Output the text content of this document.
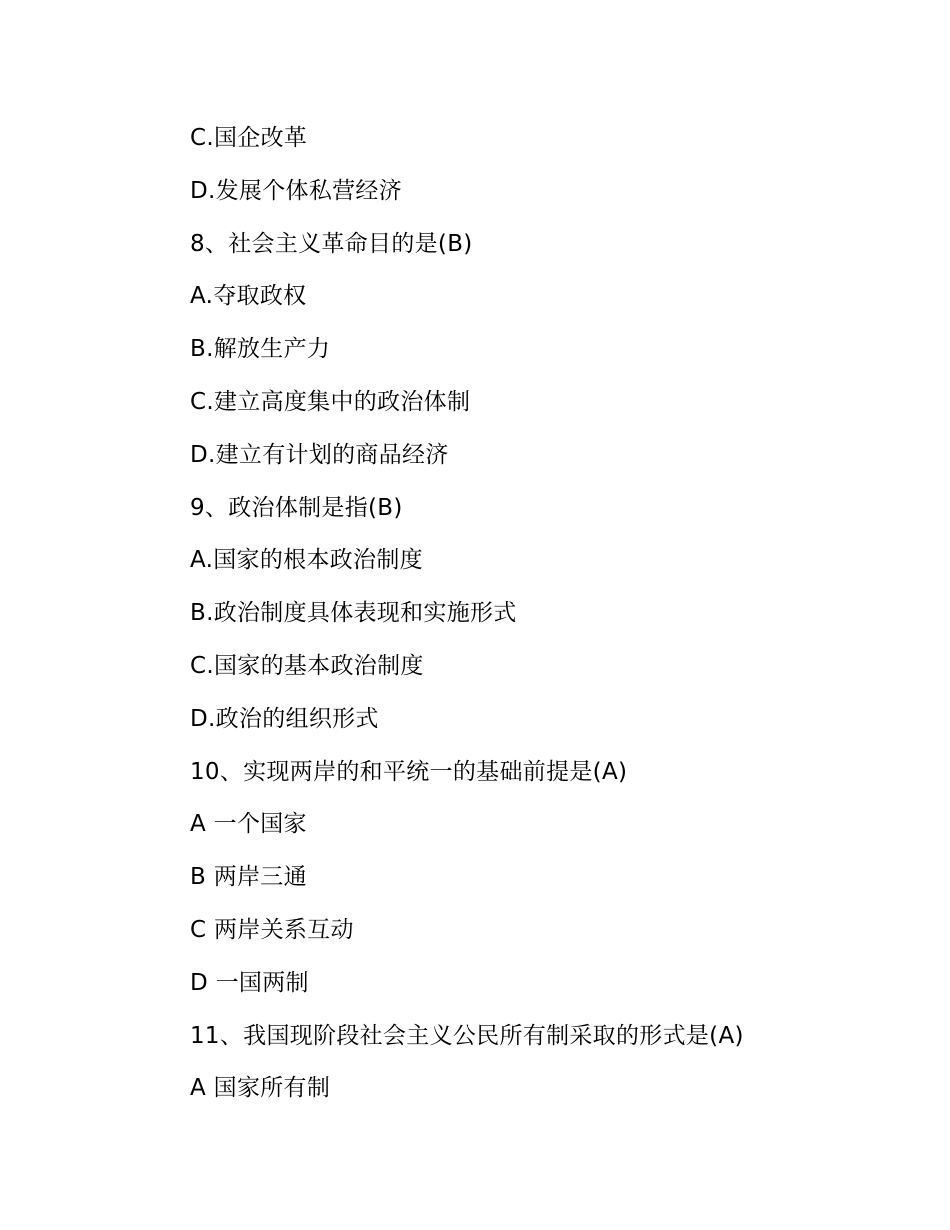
C.国企改革
D.发展个体私营经济
8、社会主义革命目的是(B)
A.夺取政权
B.解放生产力
C.建立高度集中的政治体制
D.建立有计划的商品经济
9、政治体制是指(B)
A.国家的根本政治制度
B.政治制度具体表现和实施形式
C.国家的基本政治制度
D.政治的组织形式
10、实现两岸的和平统一的基础前提是(A)
A 一个国家
B 两岸三通
C 两岸关系互动
D 一国两制
11、我国现阶段社会主义公民所有制采取的形式是(A)
A 国家所有制
